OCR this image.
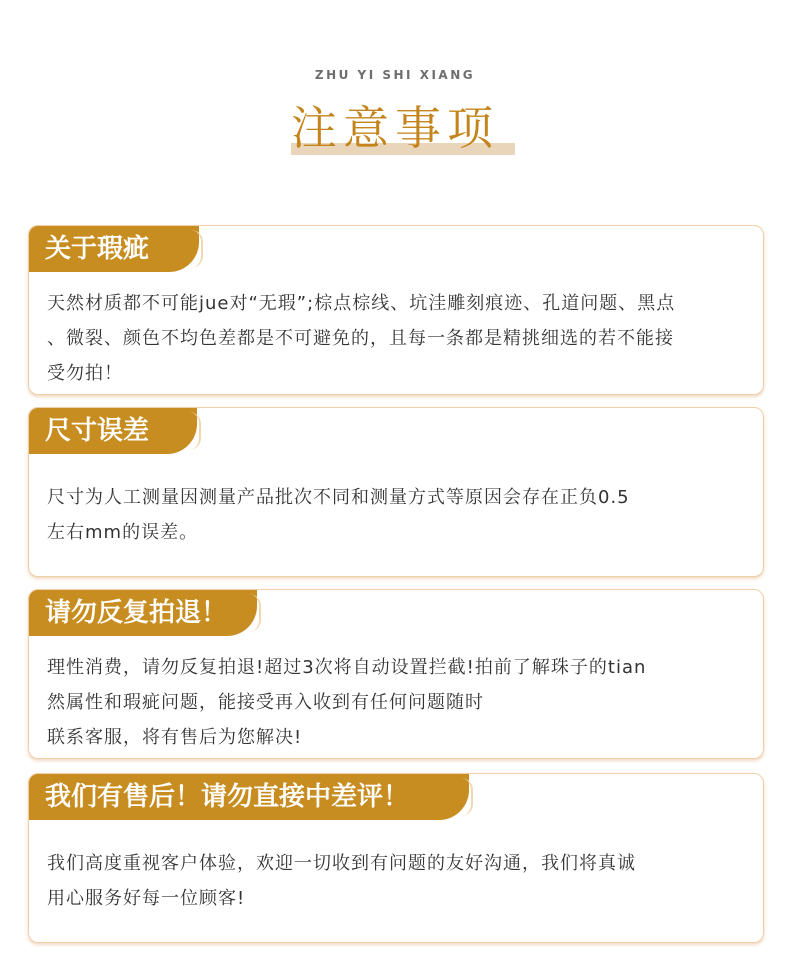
ZHU YI SHI XIANG
注意事项
关于瑕疵

天然材质都不可能jue对“无瑕”;棕点棕线、坑洼雕刻痕迹、孔道问题、黑点

、微裂、颜色不均色差都是不可避免的，且每一条都是精挑细选的若不能接

受勿拍！

尺寸误差

尺寸为人工测量因测量产品批次不同和测量方式等原因会存在正负0.5

左右mm的误差。

请勿反复拍退！

理性消费，请勿反复拍退!超过3次将自动设置拦截!拍前了解珠子的tian

然属性和瑕疵问题，能接受再入收到有任何问题随时

联系客服，将有售后为您解决!

我们有售后！请勿直接中差评！

我们高度重视客户体验，欢迎一切收到有问题的友好沟通，我们将真诚

用心服务好每一位顾客!
